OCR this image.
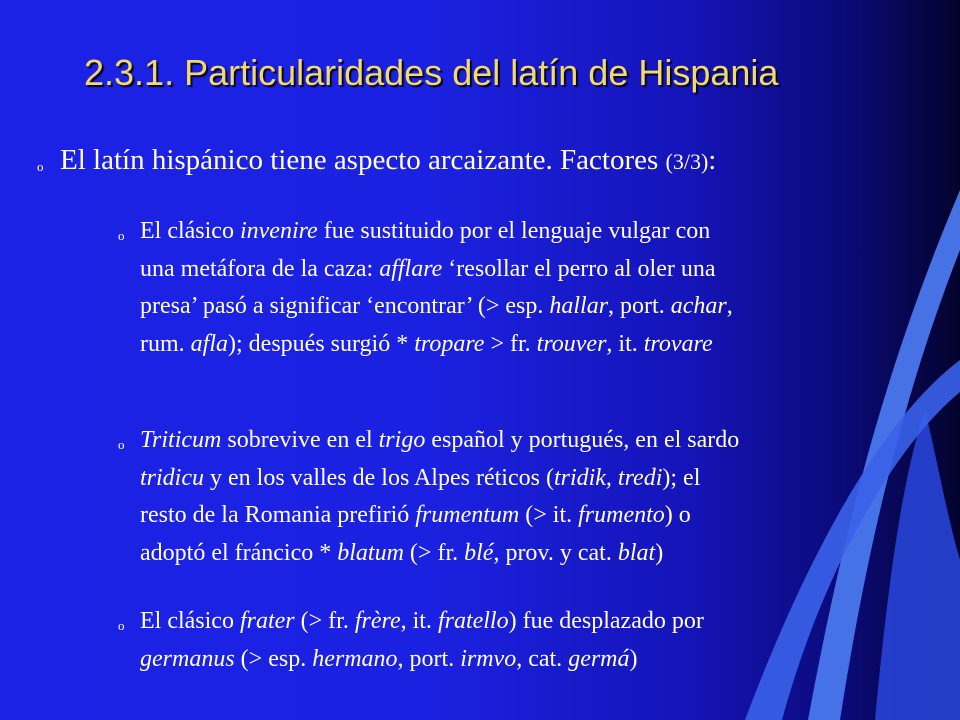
2.3.1. Particularidades del latín de Hispania
o El latín hispánico tiene aspecto arcaizante. Factores (3/3):
o El clásico invenire fue sustituido por el lenguaje vulgar con
una metáfora de la caza: afflare ‘resollar el perro al oler una
presa’ pasó a significar ‘encontrar’ (> esp. hallar, port. achar,
rum. afla); después surgió * tropare > fr. trouver, it. trovare
o Triticum sobrevive en el trigo español y portugués, en el sardo
tridicu y en los valles de los Alpes réticos (tridik, tredi); el
resto de la Romania prefirió frumentum (> it. frumento) o
adoptó el fráncico * blatum (> fr. blé, prov. y cat. blat)
o El clásico frater (> fr. frère, it. fratello) fue desplazado por
germanus (> esp. hermano, port. irmvo, cat. germá)
